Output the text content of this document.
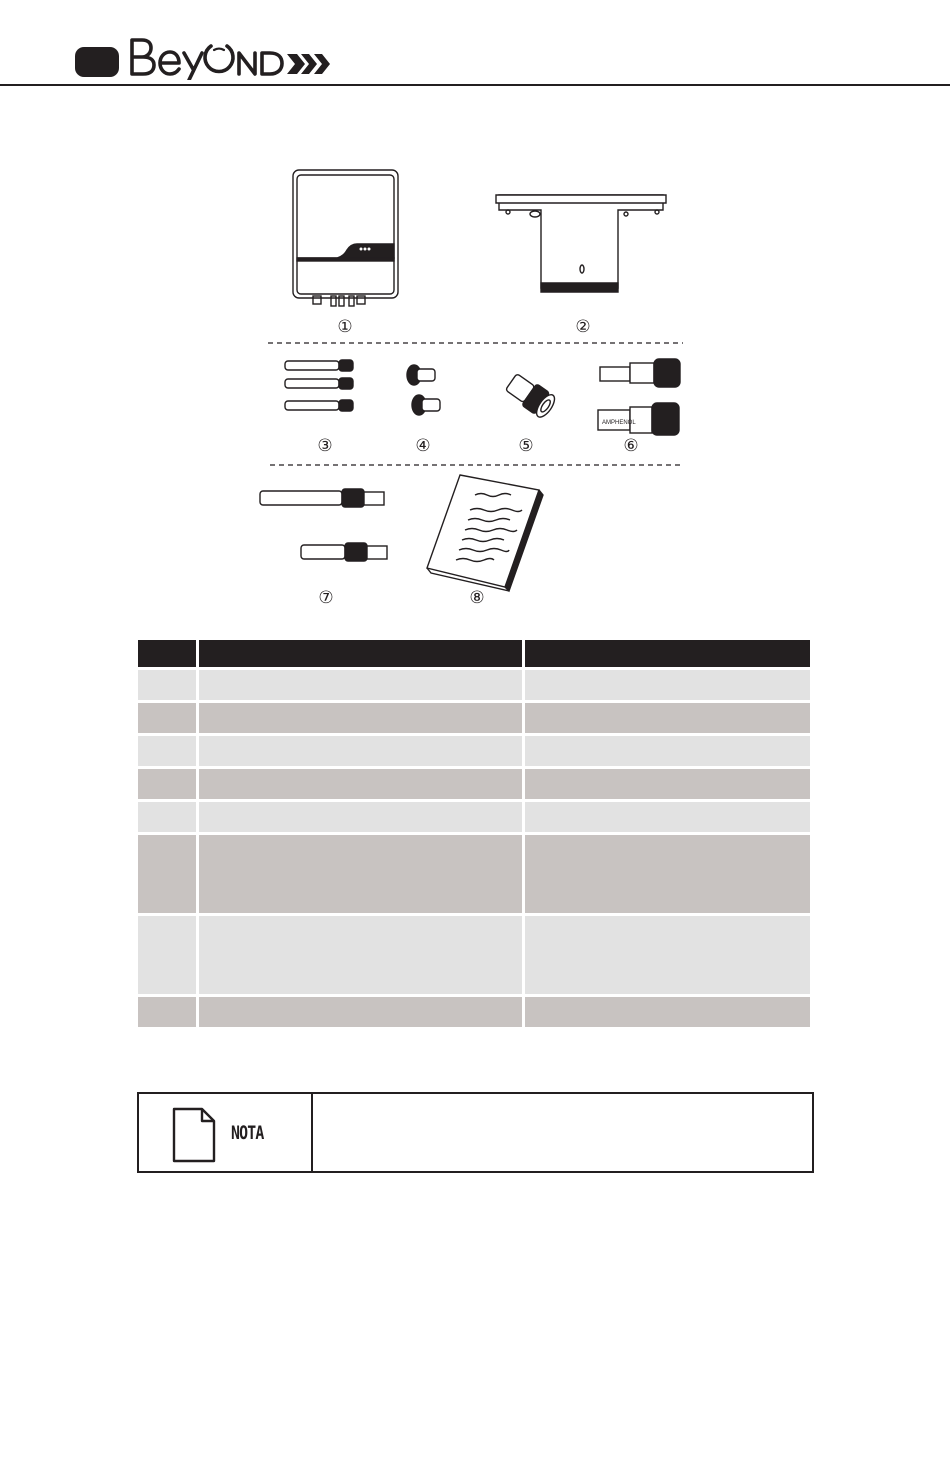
AMPHENOL
①	②
③	④	⑤	⑥
⑦	⑧

NOTA
